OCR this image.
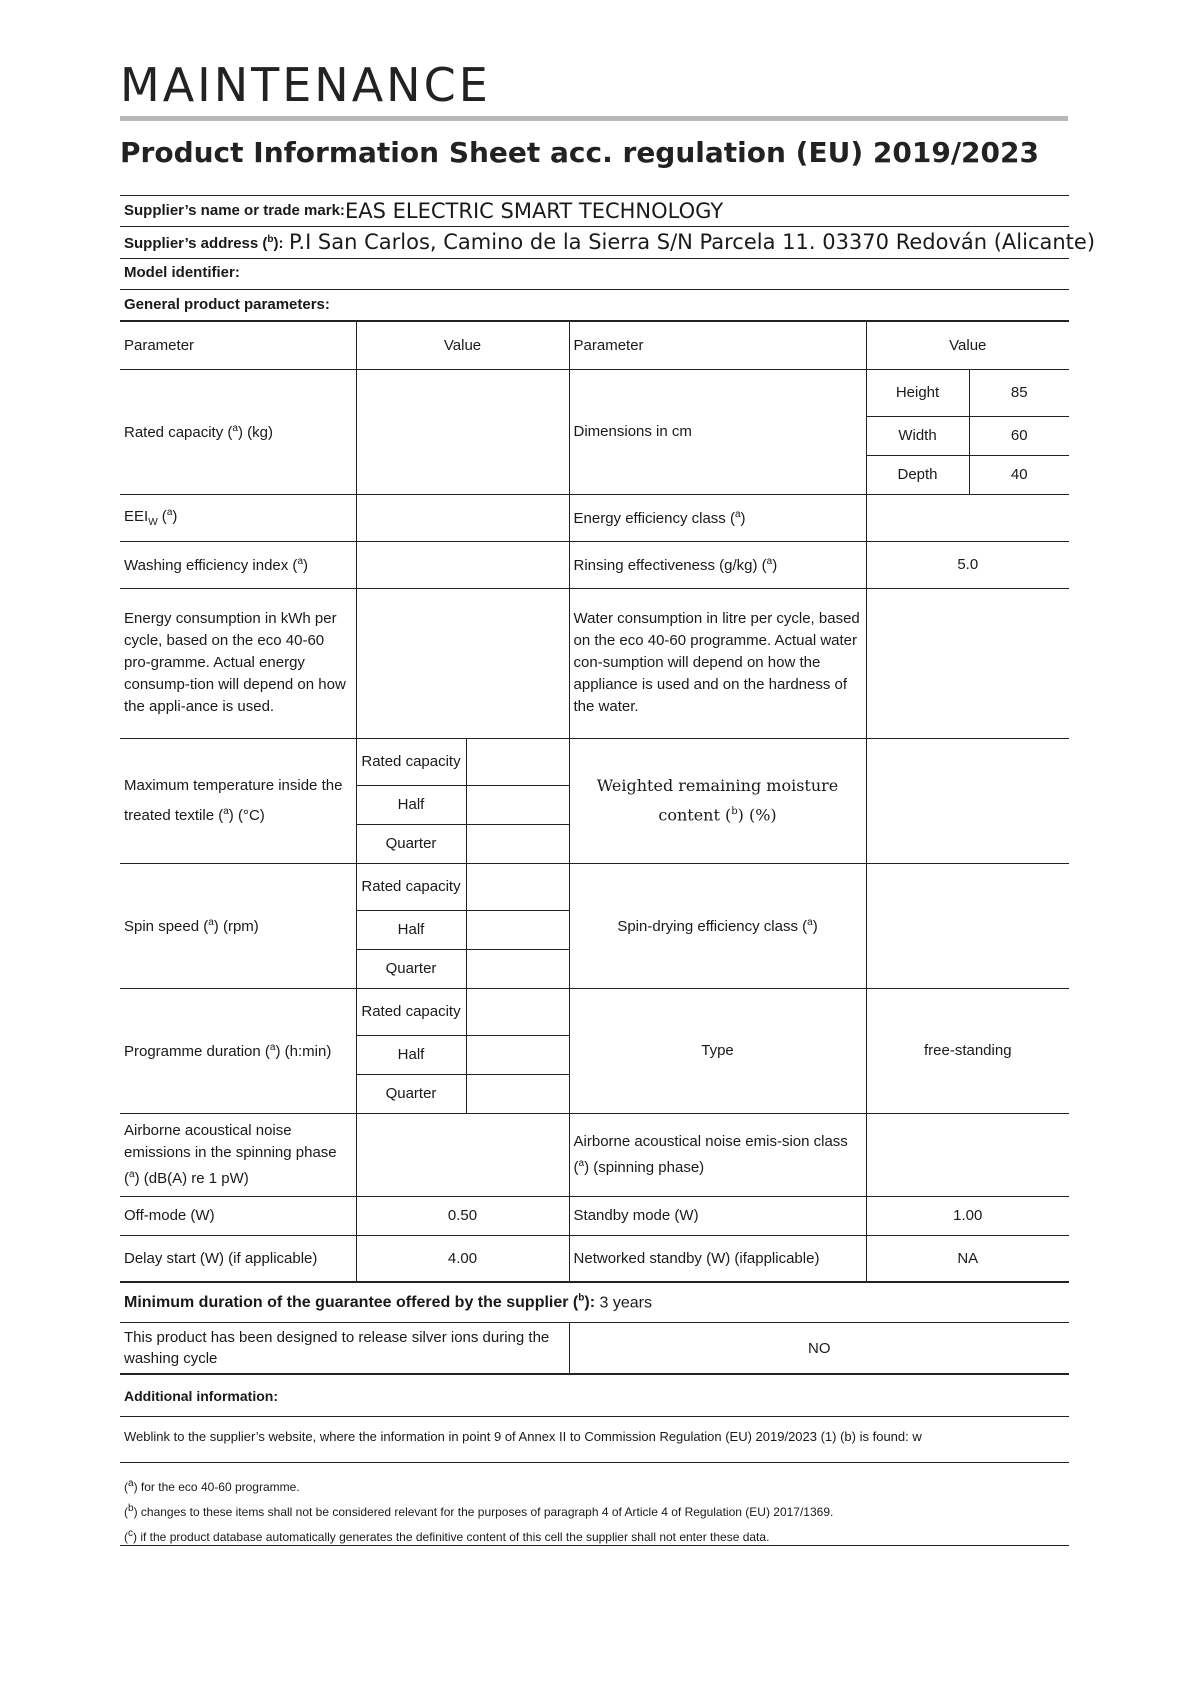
MAINTENANCE
Product Information Sheet acc. regulation (EU) 2019/2023
Supplier’s name or trade mark: EAS ELECTRIC SMART TECHNOLOGY
Supplier’s address ($^b$): P.I San Carlos, Camino de la Sierra S/N Parcela 11. 03370 Redován (Alicante)
Model identifier:
General product parameters:
Parameter	Value		Parameter	Value	
Rated capacity ($^a$) (kg)			Dimensions in cm	Height	85
				Width	60
				Depth	40
$EEI_W$ ($^a$)			Energy efficiency class ($^a$)		
Washing efficiency index ($^a$)			Rinsing effectiveness (g/kg) ($^a$)	5.0	
Energy consumption in kWh per cycle, based on the eco 40-60 pro-gramme. Actual energy consump-tion will depend on how the appli-ance is used.			Water consumption in litre per cycle, based on the eco 40-60 programme. Actual water con-sumption will depend on how the appliance is used and on the hardness of the water.		
Maximum temperature inside the treated textile ($^a$) (°C)	Rated capacity		Weighted remaining moisture
content ($^b$) (%)		
	Half				
	Quarter				
Spin speed ($^a$) (rpm)	Rated capacity		Spin-drying efficiency class ($^a$)		
	Half				
	Quarter				
Programme duration ($^a$) (h:min)	Rated capacity		Type	free-standing	
	Half				
	Quarter				
Airborne acoustical noise emissions in the spinning phase ($^a$) (dB(A) re 1 pW)			Airborne acoustical noise emis-sion class ($^a$) (spinning phase)		
Off-mode (W)	0.50		Standby mode (W)	1.00	
Delay start (W) (if applicable)	4.00		Networked standby (W) (ifapplicable)	NA	
Minimum duration of the guarantee offered by the supplier ($^b$): 3 years
This product has been designed to release silver ions during the washing cycle	NO
Additional information:
Weblink to the supplier’s website, where the information in point 9 of Annex II to Commission Regulation (EU) 2019/2023 (1) (b) is found: w
($^a$) for the eco 40-60 programme.
($^b$) changes to these items shall not be considered relevant for the purposes of paragraph 4 of Article 4 of Regulation (EU) 2017/1369.
($^c$) if the product database automatically generates the definitive content of this cell the supplier shall not enter these data.
